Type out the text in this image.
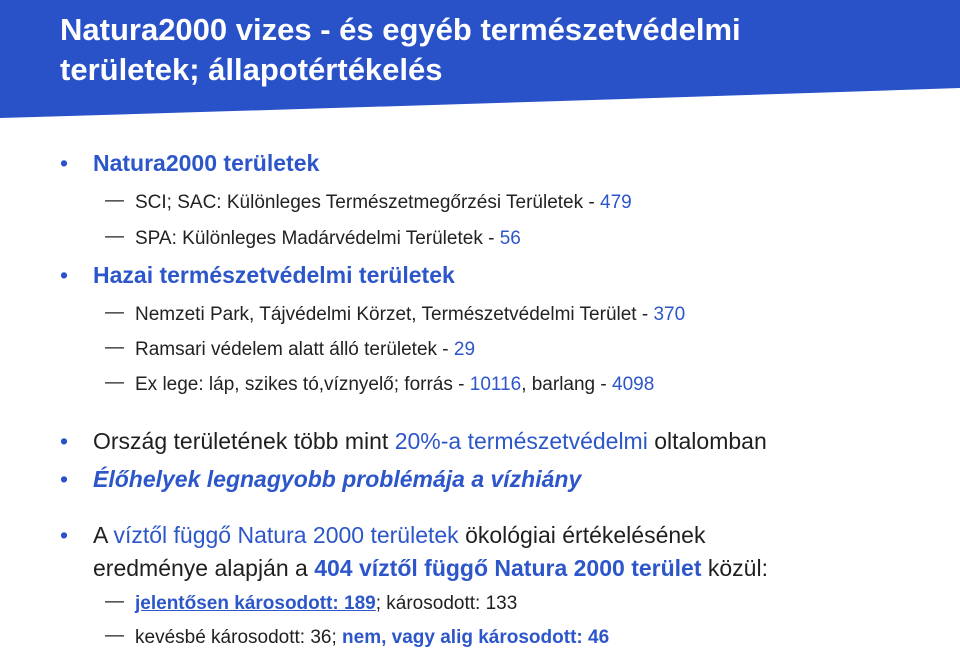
Natura2000 vizes - és egyéb természetvédelmi
területek; állapotértékelés
• Natura2000 területek
— SCI; SAC: Különleges Természetmegőrzési Területek - 479
— SPA: Különleges Madárvédelmi Területek - 56
• Hazai természetvédelmi területek
— Nemzeti Park, Tájvédelmi Körzet, Természetvédelmi Terület - 370
— Ramsari védelem alatt álló területek - 29
— Ex lege: láp, szikes tó,víznyelő; forrás - 10116, barlang - 4098
• Ország területének több mint 20%-a természetvédelmi oltalomban
• Élőhelyek legnagyobb problémája a vízhiány
• A víztől függő Natura 2000 területek ökológiai értékelésének
eredménye alapján a 404 víztől függő Natura 2000 terület közül:
— jelentősen károsodott: 189; károsodott: 133
— kevésbé károsodott: 36; nem, vagy alig károsodott: 46
